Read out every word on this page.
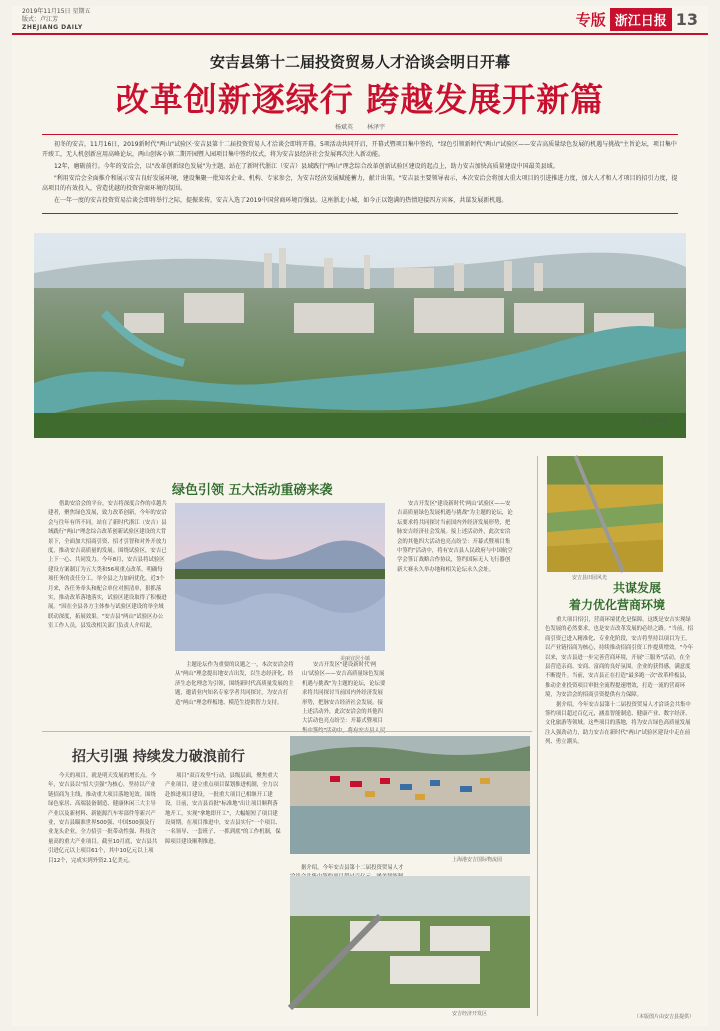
2019年11月15日 星期五
版式：卢江芳
ZHEJIANG DAILY	专版 浙江日报 13
安吉县第十二届投资贸易人才洽谈会明日开幕
改革创新逐绿行 跨越发展开新篇
杨斌英 林泽宇

初冬的安吉，11月16日，2019新时代"两山"试验区·安吉县第十二届投资贸易人才洽谈会即将开幕，5项活动共同开启，开幕式暨项目集中签约，"绿色引领新时代"两山"试验区——安吉高质量绿色发展的机遇与挑战"主旨论坛，项目集中开竣工，无人机创新应用高峰论坛，两山创客小镇二期开园暨入园项目集中签约仪式，将为安吉县经济社会发展再次注入新动能。

12年，磨砺前行。今年的安洽会，以"改革创新绿色发展"为主题，站在了新时代浙江（安吉）县域践行"两山"理念综合改革创新试验区建设的起点上，助力安吉加快高质量建设中国最美县域。

"利用安洽会全面推介和展示安吉良好发展环境，建设集聚一批知名企业、机构、专家参会，为安吉经济发展赋能蓄力，献计出策。"安吉县主要领导表示，本次安洽会将加大重大项目的引进推进力度，加大人才和人才项目的招引力度，提高项目的有效投入，营造优越的投资营商环境的氛围。

在一年一度的安吉投资贸易洽谈会即将举行之际，提振来传，安吉入选了2019中国营商环境百强县。这座浙北小城，如今正以饱满的热情迎接四方宾客，共谋发展新机遇。

安吉县风光
安吉县田园风光
绿色引领 五大活动重磅来袭

借助安洽会的平台，安吉将深度合作的卓越共建者，聚焦绿色发展，致力改革创新，今年的安洽会与往年有所不同，站在了新时代浙江（安吉）县域践行"两山"理念综合改革创新试验区建设的大背景下，全面加大招商引资、招才引智和对外开放力度，推动安吉高质量的发展。围绕试验区，安吉已上下一心、共同发力。今年8月，安吉县将试验区建设方案制订为五大类和56项重点改革，明确每项任务的责任分工。举全县之力加码优化，近3个月来，各任务牵头和配合单位对照清单，狠抓落实，推动改革落地落实，试验区建设取得了积极进展。"因在全县各方主体参与试验区建设的举全域联动深度，拓展效果。"安吉县"两山"试验区办公室工作人员，县发改相关部门负责人介绍说。

美丽宜居小镇

主题论坛作为重要的议题之一，本次安洽会将从"两山"理念提出地安吉出发，以生态经济化、经济生态化理念为引领，围绕新时代高质量发展的主题，邀请业内知名专家学者共同探讨，为安吉打造"两山"理念样板地、模范生提供智力支持。

安吉开发区"建设新时代'两山'试验区——安吉高质量绿色发展机遇与挑战"为主题的论坛，论坛要求将共同探讨当前国内外经济发展形势，把脉安吉经济社会发展。接上述活动外，此次安洽会的其他四大活动也亮点纷呈：开幕式暨项目

安吉开发区"建设新时代'两山'试验区——安吉高质量绿色发展机遇与挑战"为主题的论坛，论坛要求将共同探讨当前国内外经济发展形势，把脉安吉经济社会发展。接上述活动外，此次安洽会的其他四大活动也亮点纷呈：开幕式暨项目集中签约"活动中，将有安吉县人民政府与中国航空学会签订战略合作协议，签约国际无人飞行器创新大赛永久举办地和相关论坛永久会址。

共谋发展
着力优化营商环境

重大项目招引，营商环境优化是保障。这既是安吉实现绿色发展的必然要求，也是安吉改革发展的必经之路。"当前，招商引资已进入精准化、专业化阶段，安吉将坚持以项目为王，以产业链招商为核心，持续推动招商引资工作提质增效。"今年以来，安吉县进一步完善营商环境，开展"三服务"活动，在全县营造亲商、安商、富商的良好氛围。企业的获得感，满意度不断提升。当前，安吉县正在打造"最多跑一次"改革样板县，推动企业投资项目审批全流程提速增效，打造一流的营商环境，为安洽会的招商引资提供有力保障。

据介绍，今年安吉县第十二届投资贸易人才洽谈会共集中签约项目超过百亿元，涵盖智能制造、健康产业、数字经济、文化旅游等领域。这些项目的落地，将为安吉绿色高质量发展注入强劲动力，助力安吉在新时代"两山"试验区建设中走在前列、勇立潮头。

招大引强 持续发力破浪前行

今天的项目，就是明天发展的增长点。今年，安吉县以"招大引强"为核心，坚持以产业链招商为主线，推动重大项目落地见效。围绕绿色家居、高端装备制造、健康休闲三大主导产业以及新材料、新能源汽车零部件等新兴产业，安吉县瞄准世界500强、中国500强及行业龙头企业，全力招引一批带动性强、科技含量高的重大产业项目。截至10月底，安吉县共引进亿元以上项目61个，其中10亿元以上项目12个，完成实到外资2.1亿美元。

项目"双百攻坚"行动，县级层面，聚焦重大产业项目，建立重点项目谋划推进机制，全力以赴推进项目建设。一批重大项目已相继开工建设。日前，安吉县首批"标准地"出让项目顺利落地开工，实现"拿地即开工"，大幅缩短了项目建设周期。在项目推进中，安吉县实行"一个项目、一名领导、一套班子、一抓到底"的工作机制，保障项目建设顺利推进。

上海港安吉国际物流园

据介绍，今年安吉县第十二届投资贸易人才

安吉经济开发区	（本版图片由安吉县提供）
